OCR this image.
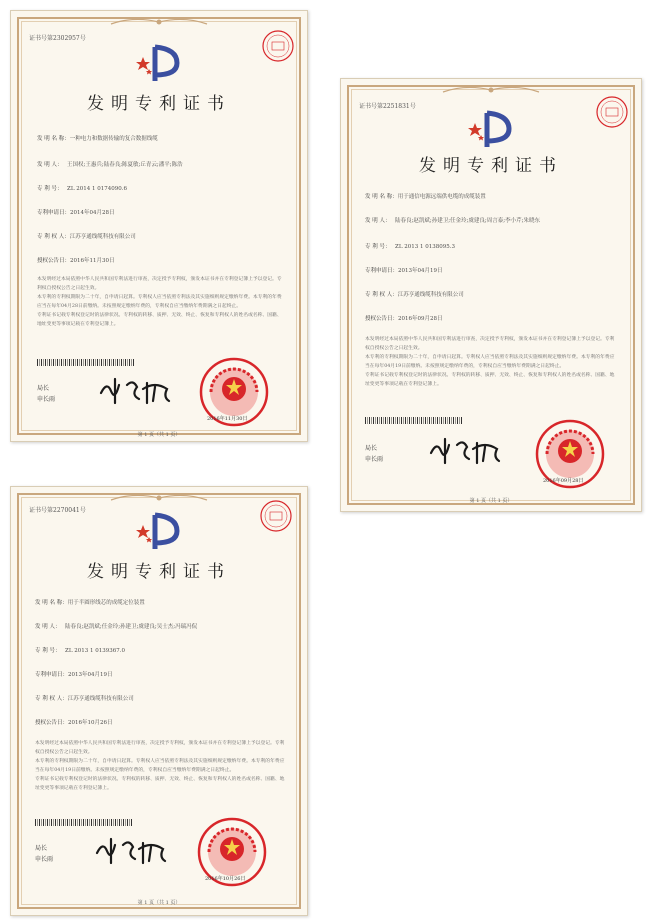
证书号第2302957号
发明专利证书
发 明 名 称：一种电力和数据传输的复合数据线缆
发 明 人： 王国权;王惠兵;陆春良;陈夏敏;丘青云;潘平;陈浩
专 利 号： ZL 2014 1 0174090.6
专利申请日：2014年04月28日
专 利 权 人：江苏亨通线缆科技有限公司
授权公告日：2016年11月30日

本发明经过本局依照中华人民共和国专利法进行审查，决定授予专利权，颁发本证书并在专利登记簿上予以登记。专利权自授权公告之日起生效。

本专利的专利权期限为二十年，自申请日起算。专利权人应当依照专利法及其实施细则规定缴纳年费。本专利的年费应当在每年04月28日前缴纳。未按照规定缴纳年费的，专利权自应当缴纳年费期满之日起终止。

专利证书记载专利权登记时的法律状况。专利权的转移、质押、无效、终止、恢复和专利权人的姓名或名称、国籍、地址变更等事项记载在专利登记簿上。

局长
申长雨
2016年11月30日
第 1 页（共 1 页）
证书号第2251831号
发明专利证书
发 明 名 称：用于通信电源远端供电缆的成缆装置
发 明 人： 陆春良;赵凯斌;孙建卫;任金玲;虞建良;周言泰;李小芹;朱晓东
专 利 号： ZL 2013 1 0138095.3
专利申请日：2013年04月19日
专 利 权 人：江苏亨通线缆科技有限公司
授权公告日：2016年09月28日

本发明经过本局依照中华人民共和国专利法进行审查，决定授予专利权，颁发本证书并在专利登记簿上予以登记。专利权自授权公告之日起生效。

本专利的专利权期限为二十年，自申请日起算。专利权人应当依照专利法及其实施细则规定缴纳年费。本专利的年费应当在每年04月19日前缴纳。未按照规定缴纳年费的，专利权自应当缴纳年费期满之日起终止。

专利证书记载专利权登记时的法律状况。专利权的转移、质押、无效、终止、恢复和专利权人的姓名或名称、国籍、地址变更等事项记载在专利登记簿上。

局长
申长雨
2016年09月28日
第 1 页（共 1 页）
证书号第2270041号
发明专利证书
发 明 名 称：用于半圆形线芯的成缆定位装置
发 明 人： 陆春良;赵凯斌;任金玲;孙建卫;虞建良;吴士杰;冯瑞冯侃
专 利 号： ZL 2013 1 0139367.0
专利申请日：2013年04月19日
专 利 权 人：江苏亨通线缆科技有限公司
授权公告日：2016年10月26日

本发明经过本局依照中华人民共和国专利法进行审查，决定授予专利权，颁发本证书并在专利登记簿上予以登记。专利权自授权公告之日起生效。

本专利的专利权期限为二十年，自申请日起算。专利权人应当依照专利法及其实施细则规定缴纳年费。本专利的年费应当在每年04月19日前缴纳。未按照规定缴纳年费的，专利权自应当缴纳年费期满之日起终止。

专利证书记载专利权登记时的法律状况。专利权的转移、质押、无效、终止、恢复和专利权人的姓名或名称、国籍、地址变更等事项记载在专利登记簿上。

局长
申长雨
2016年10月26日
第 1 页（共 1 页）
